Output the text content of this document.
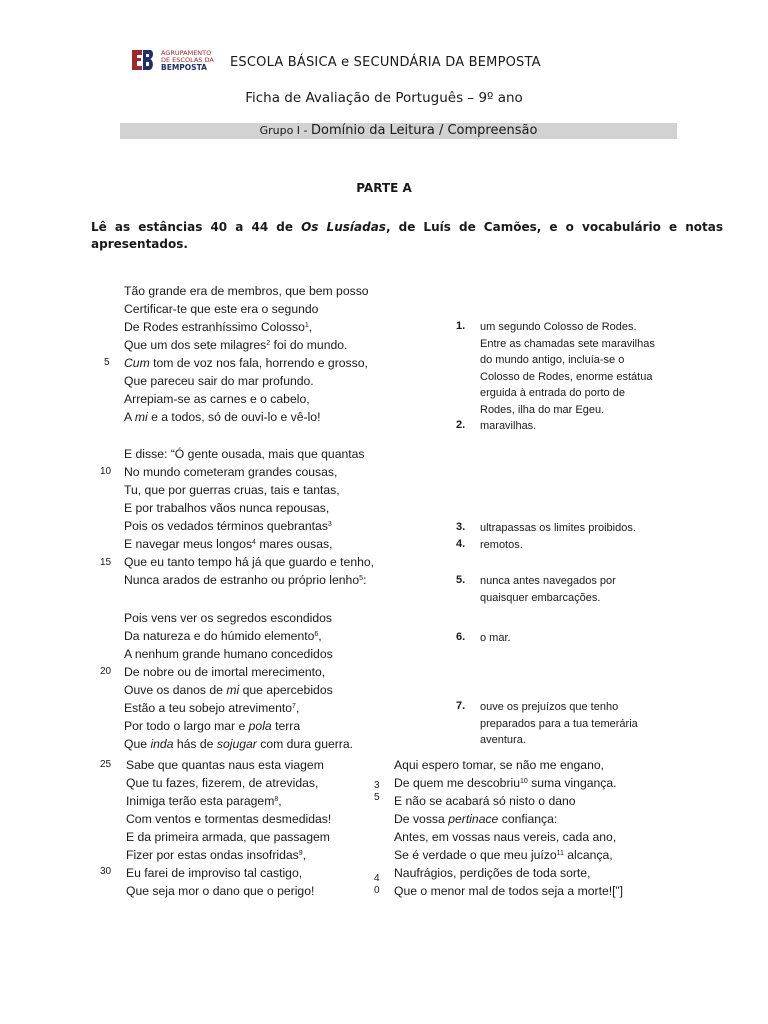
AGRUPAMENTO
DE ESCOLAS DA
BEMPOSTA	ESCOLA BÁSICA e SECUNDÁRIA DA BEMPOSTA
Ficha de Avaliação de Português – 9º ano
Grupo I - Domínio da Leitura / Compreensão
PARTE A
Lê as estâncias 40 a 44 de Os Lusíadas, de Luís de Camões, e o vocabulário e notas apresentados.
5
10
15
20
25
30
3
5
4
0
Tão grande era de membros, que bem posso
Certificar-te que este era o segundo
De Rodes estranhíssimo Colosso$^1$,
Que um dos sete milagres$^2$ foi do mundo.
Cum tom de voz nos fala, horrendo e grosso,
Que pareceu sair do mar profundo.
Arrepiam-se as carnes e o cabelo,
A mi e a todos, só de ouvi-lo e vê-lo!
E disse: “Ó gente ousada, mais que quantas
No mundo cometeram grandes cousas,
Tu, que por guerras cruas, tais e tantas,
E por trabalhos vãos nunca repousas,
Pois os vedados términos quebrantas$^3$
E navegar meus longos$^4$ mares ousas,
Que eu tanto tempo há já que guardo e tenho,
Nunca arados de estranho ou próprio lenho$^5$:
Pois vens ver os segredos escondidos
Da natureza e do húmido elemento$^6$,
A nenhum grande humano concedidos
De nobre ou de imortal merecimento,
Ouve os danos de mi que apercebidos
Estão a teu sobejo atrevimento$^7$,
Por todo o largo mar e pola terra
Que inda hás de sojugar com dura guerra.
Sabe que quantas naus esta viagem
Que tu fazes, fizerem, de atrevidas,
Inimiga terão esta paragem$^8$,
Com ventos e tormentas desmedidas!
E da primeira armada, que passagem
Fizer por estas ondas insofridas$^9$,
Eu farei de improviso tal castigo,
Que seja mor o dano que o perigo!
Aqui espero tomar, se não me engano,
De quem me descobriu$^{10}$ suma vingança.
E não se acabará só nisto o dano
De vossa pertinace confiança:
Antes, em vossas naus vereis, cada ano,
Se é verdade o que meu juízo$^{11}$ alcança,
Naufrágios, perdições de toda sorte,
Que o menor mal de todos seja a morte![”]
1. um segundo Colosso de Rodes.
Entre as chamadas sete maravilhas
do mundo antigo, incluía-se o
Colosso de Rodes, enorme estátua
erguida à entrada do porto de
Rodes, ilha do mar Egeu.
2. maravilhas.
3. ultrapassas os limites proibidos.
4. remotos.
5. nunca antes navegados por
quaisquer embarcações.
6. o mar.
7. ouve os prejuízos que tenho
preparados para a tua temerária
aventura.
